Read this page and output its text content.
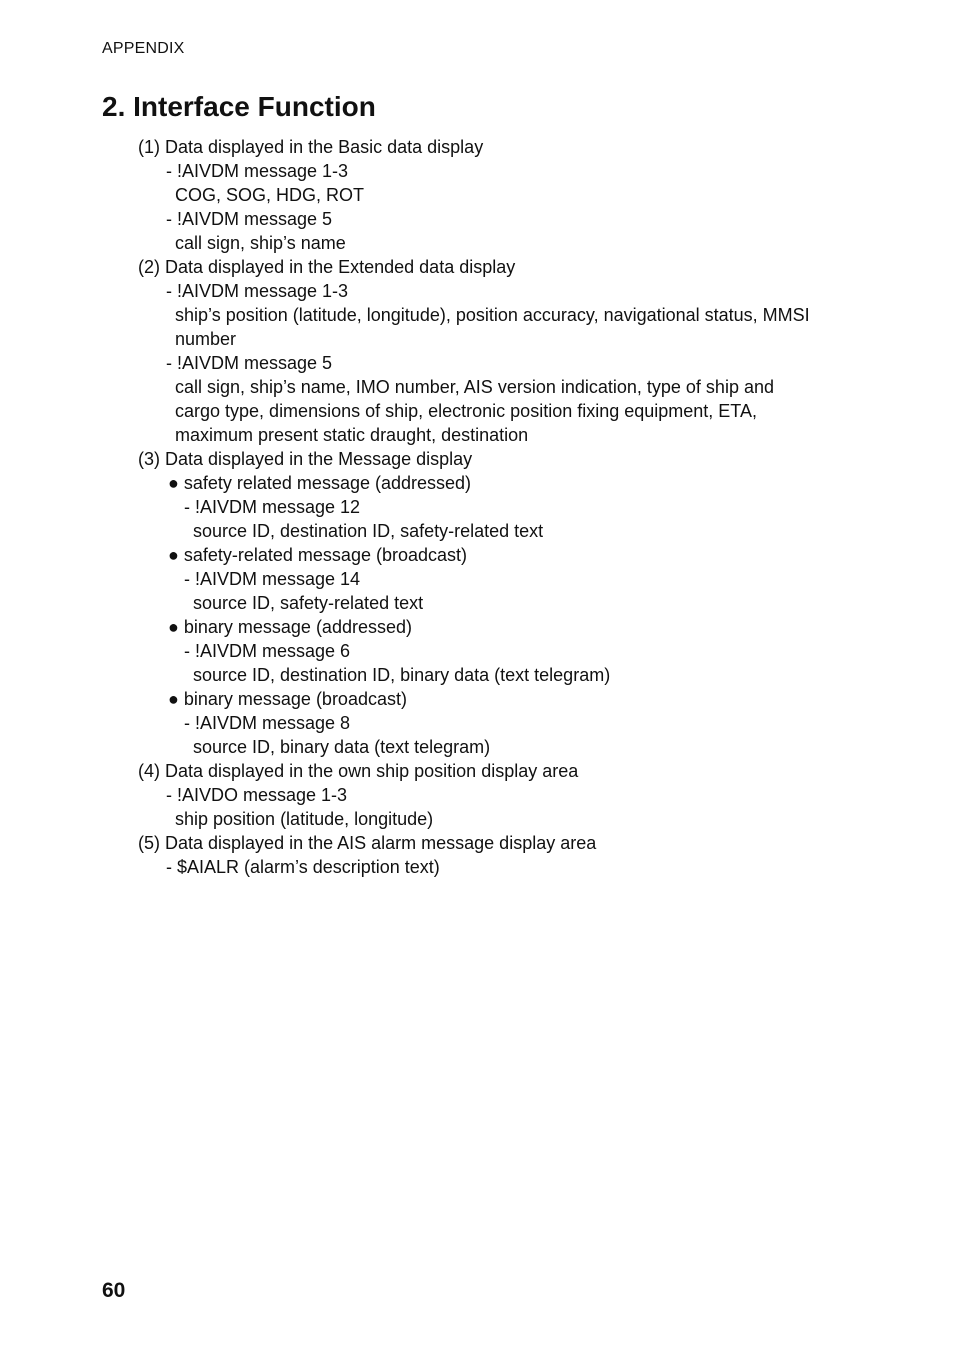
APPENDIX
2. Interface Function
(1) Data displayed in the Basic data display
- !AIVDM message 1-3
COG, SOG, HDG, ROT
- !AIVDM message 5
call sign, ship’s name
(2) Data displayed in the Extended data display
- !AIVDM message 1-3
ship’s position (latitude, longitude), position accuracy, navigational status, MMSI
number
- !AIVDM message 5
call sign, ship’s name, IMO number, AIS version indication, type of ship and
cargo type, dimensions of ship, electronic position fixing equipment, ETA,
maximum present static draught, destination
(3) Data displayed in the Message display
● safety related message (addressed)
- !AIVDM message 12
source ID, destination ID, safety-related text
● safety-related message (broadcast)
- !AIVDM message 14
source ID, safety-related text
● binary message (addressed)
- !AIVDM message 6
source ID, destination ID, binary data (text telegram)
● binary message (broadcast)
- !AIVDM message 8
source ID, binary data (text telegram)
(4) Data displayed in the own ship position display area
- !AIVDO message 1-3
ship position (latitude, longitude)
(5) Data displayed in the AIS alarm message display area
- $AIALR (alarm’s description text)
60
